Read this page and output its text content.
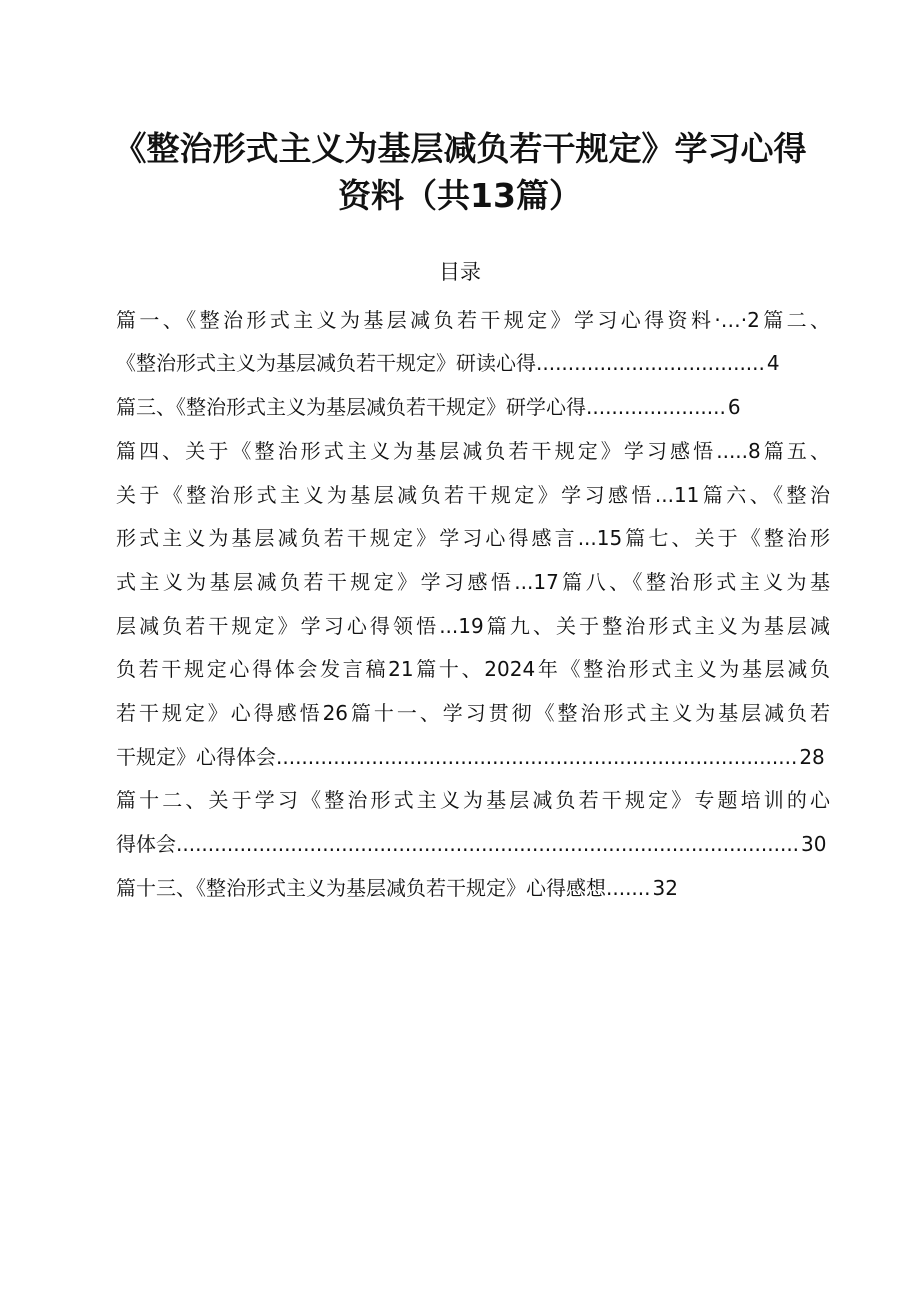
《整治形式主义为基层减负若干规定》学习心得
资料（共13篇）
目录
篇一、《整治形式主义为基层减负若干规定》学习心得资料·…·2篇二、
《整治形式主义为基层减负若干规定》研读心得.................................... 4
篇三、《整治形式主义为基层减负若干规定》研学心得...................... 6
篇四、关于《整治形式主义为基层减负若干规定》学习感悟.....8篇五、
关于《整治形式主义为基层减负若干规定》学习感悟...11篇六、《整治
形式主义为基层减负若干规定》学习心得感言...15篇七、关于《整治形
式主义为基层减负若干规定》学习感悟...17篇八、《整治形式主义为基
层减负若干规定》学习心得领悟...19篇九、关于整治形式主义为基层减
负若干规定心得体会发言稿21篇十、2024年《整治形式主义为基层减负
若干规定》心得感悟26篇十一、学习贯彻《整治形式主义为基层减负若
干规定》心得体会.................................................................................. 28
篇十二、关于学习《整治形式主义为基层减负若干规定》专题培训的心
得体会.................................................................................................. 30
篇十三、《整治形式主义为基层减负若干规定》心得感想....... 32
